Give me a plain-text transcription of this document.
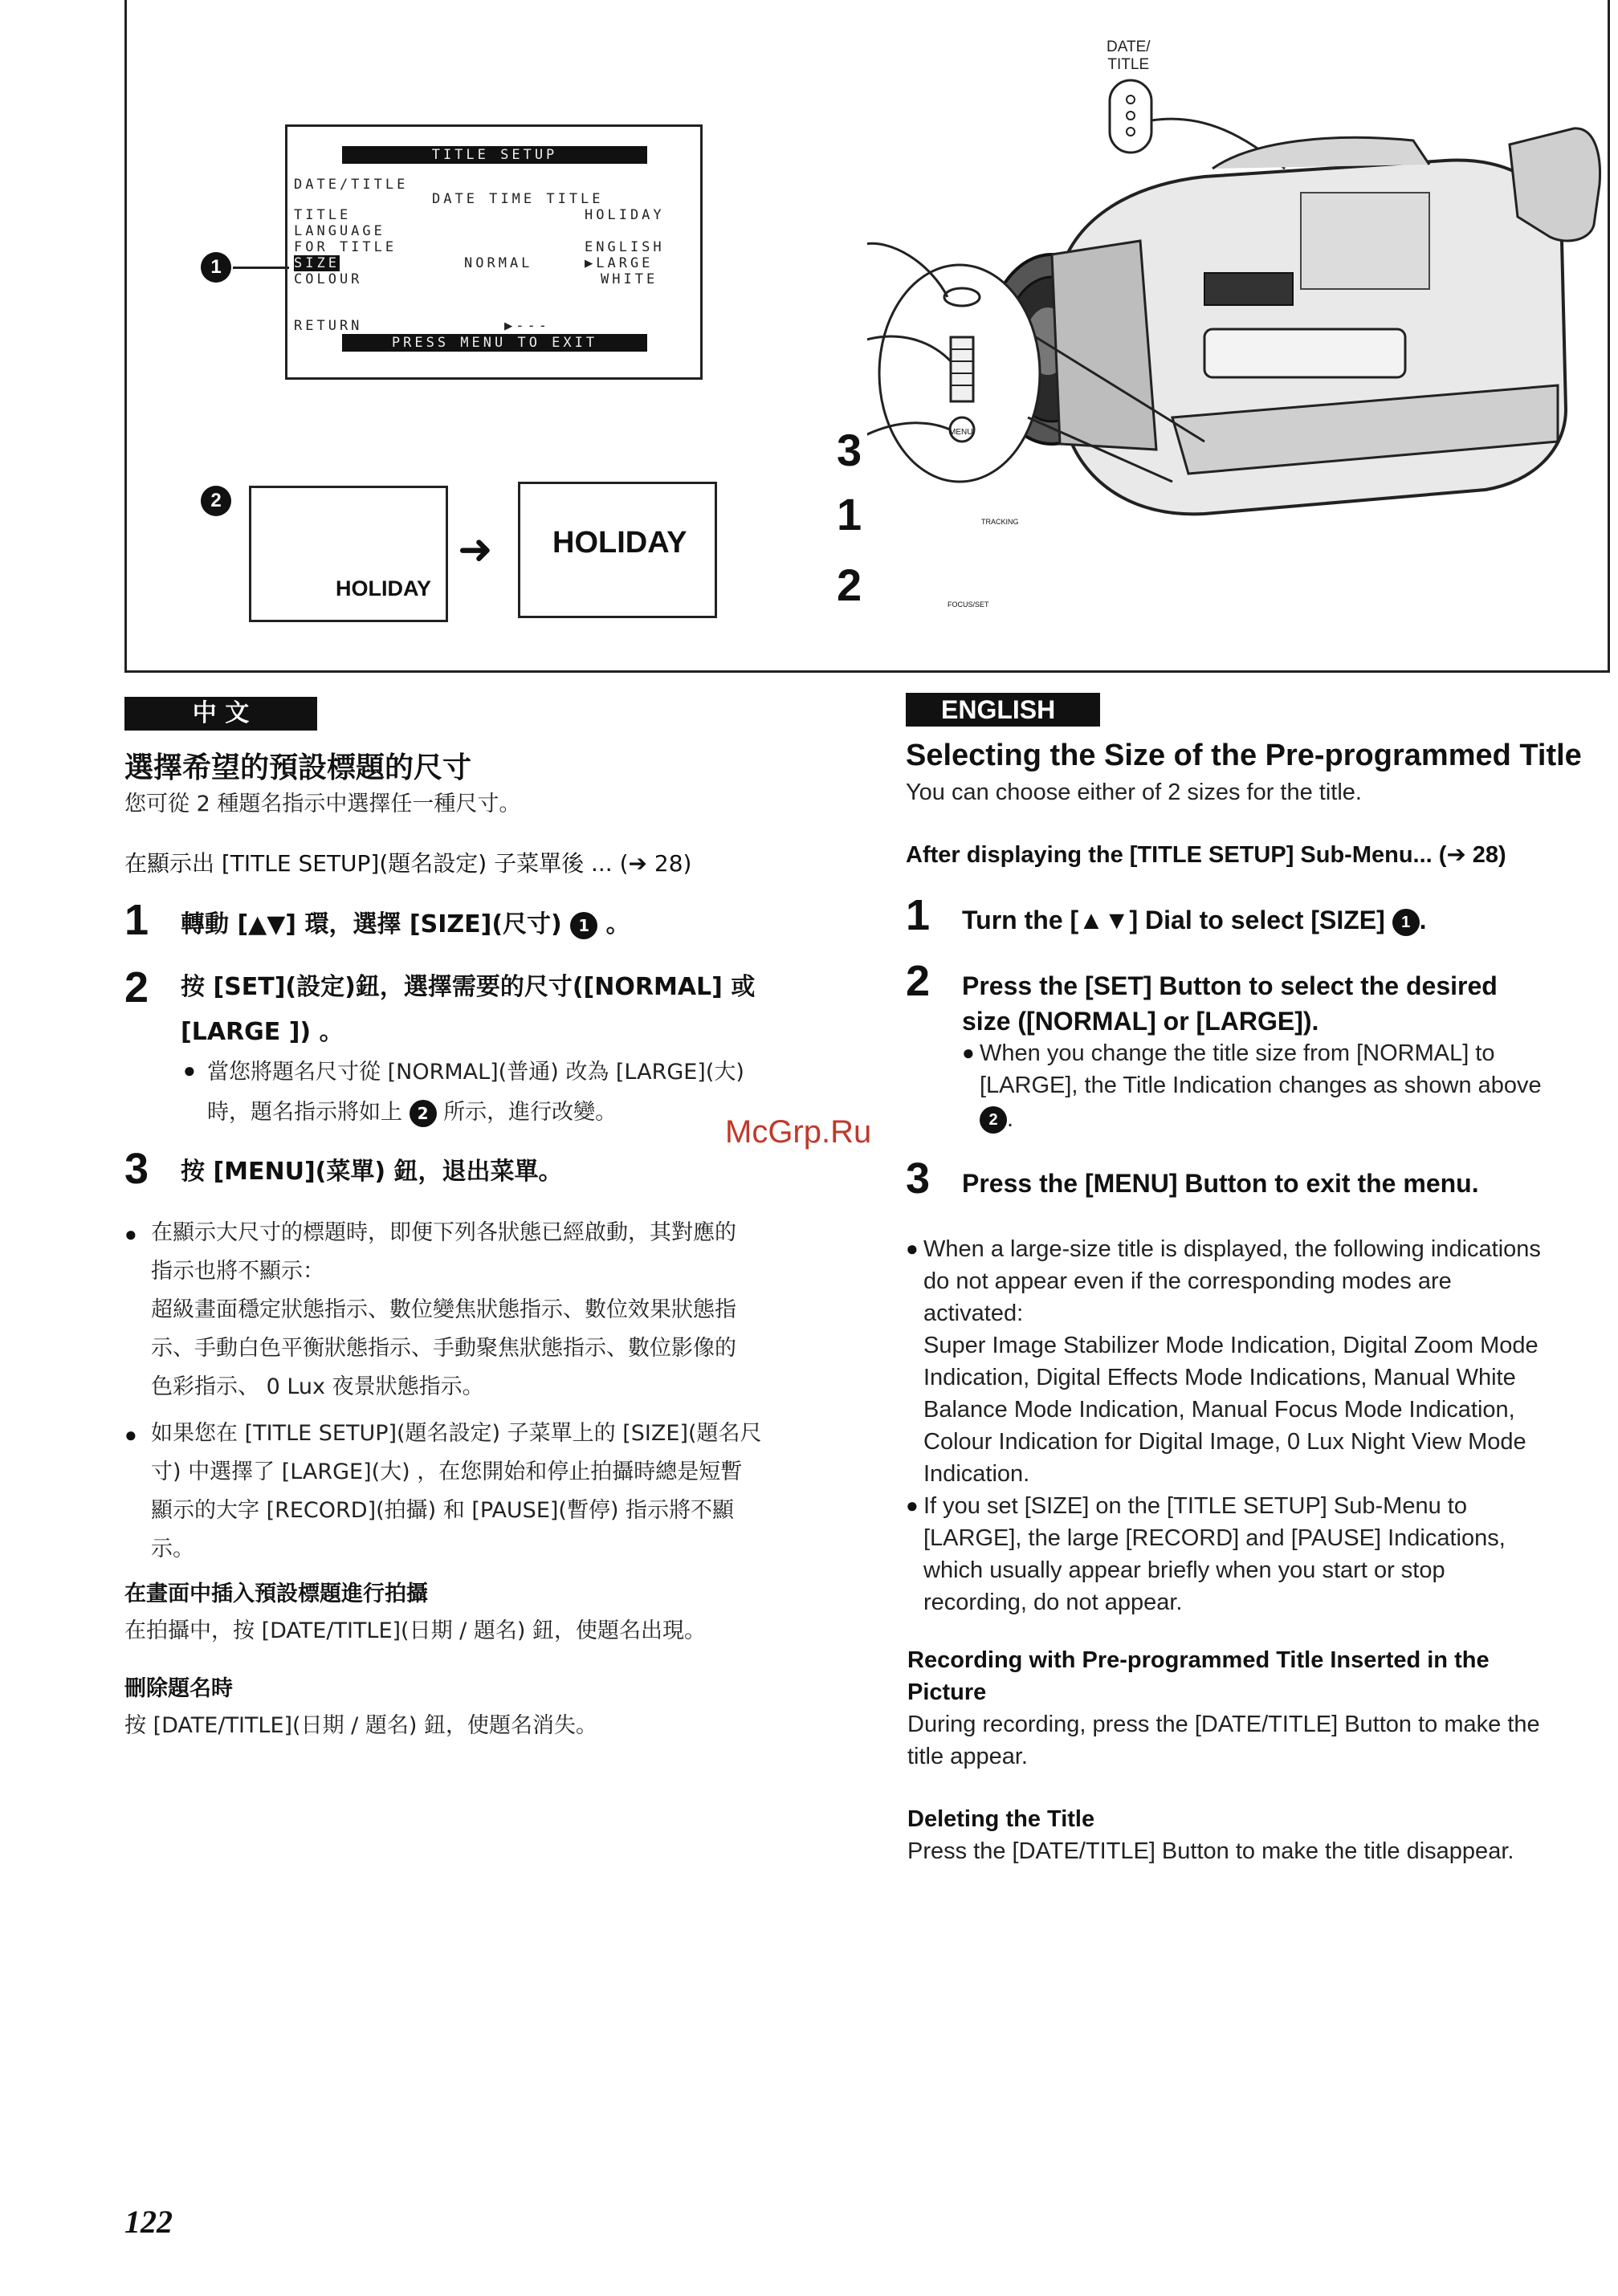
TITLE SETUP
DATE/TITLE
DATE TIME TITLE
TITLE	HOLIDAY
LANGUAGE
FOR TITLE	ENGLISH
SIZE	NORMAL	▶LARGE
COLOUR	WHITE
RETURN	▶---
PRESS MENU TO EXIT
1
2
HOLIDAY
➜ HOLIDAY
DATE/
TITLE
3
1
2
MENU
TRACKING
FOCUS/SET
中 文
選擇希望的預設標題的尺寸
您可從 2 種題名指示中選擇任一種尺寸。
在顯示出 [TITLE SETUP](題名設定) 子菜單後 ... (➔ 28)
1 轉動 [▲▼] 環，選擇 [SIZE](尺寸) 1 。
2 按 [SET](設定)鈕，選擇需要的尺寸([NORMAL] 或
[LARGE ]) 。
● 當您將題名尺寸從 [NORMAL](普通) 改為 [LARGE](大)
時，題名指示將如上 2 所示，進行改變。
3 按 [MENU](菜單) 鈕，退出菜單。
● 在顯示大尺寸的標題時，即便下列各狀態已經啟動，其對應的
指示也將不顯示：
超級畫面穩定狀態指示、數位變焦狀態指示、數位效果狀態指
示、手動白色平衡狀態指示、手動聚焦狀態指示、數位影像的
色彩指示、 0 Lux 夜景狀態指示。
● 如果您在 [TITLE SETUP](題名設定) 子菜單上的 [SIZE](題名尺
寸) 中選擇了 [LARGE](大) ，在您開始和停止拍攝時總是短暫
顯示的大字 [RECORD](拍攝) 和 [PAUSE](暫停) 指示將不顯
示。
在畫面中插入預設標題進行拍攝
在拍攝中，按 [DATE/TITLE](日期 / 題名) 鈕，使題名出現。
刪除題名時
按 [DATE/TITLE](日期 / 題名) 鈕，使題名消失。
ENGLISH
Selecting the Size of the Pre-programmed Title
You can choose either of 2 sizes for the title.
After displaying the [TITLE SETUP] Sub-Menu... (➔ 28)
1 Turn the [▲▼] Dial to select [SIZE] 1 .
2 Press the [SET] Button to select the desired
size ([NORMAL] or [LARGE]).
● When you change the title size from [NORMAL] to
[LARGE], the Title Indication changes as shown above
2 .
3 Press the [MENU] Button to exit the menu.
● When a large-size title is displayed, the following indications
do not appear even if the corresponding modes are
activated:
Super Image Stabilizer Mode Indication, Digital Zoom Mode
Indication, Digital Effects Mode Indications, Manual White
Balance Mode Indication, Manual Focus Mode Indication,
Colour Indication for Digital Image, 0 Lux Night View Mode
Indication.
● If you set [SIZE] on the [TITLE SETUP] Sub-Menu to
[LARGE], the large [RECORD] and [PAUSE] Indications,
which usually appear briefly when you start or stop
recording, do not appear.
Recording with Pre-programmed Title Inserted in the
Picture
During recording, press the [DATE/TITLE] Button to make the
title appear.
Deleting the Title
Press the [DATE/TITLE] Button to make the title disappear.
McGrp.Ru
122
